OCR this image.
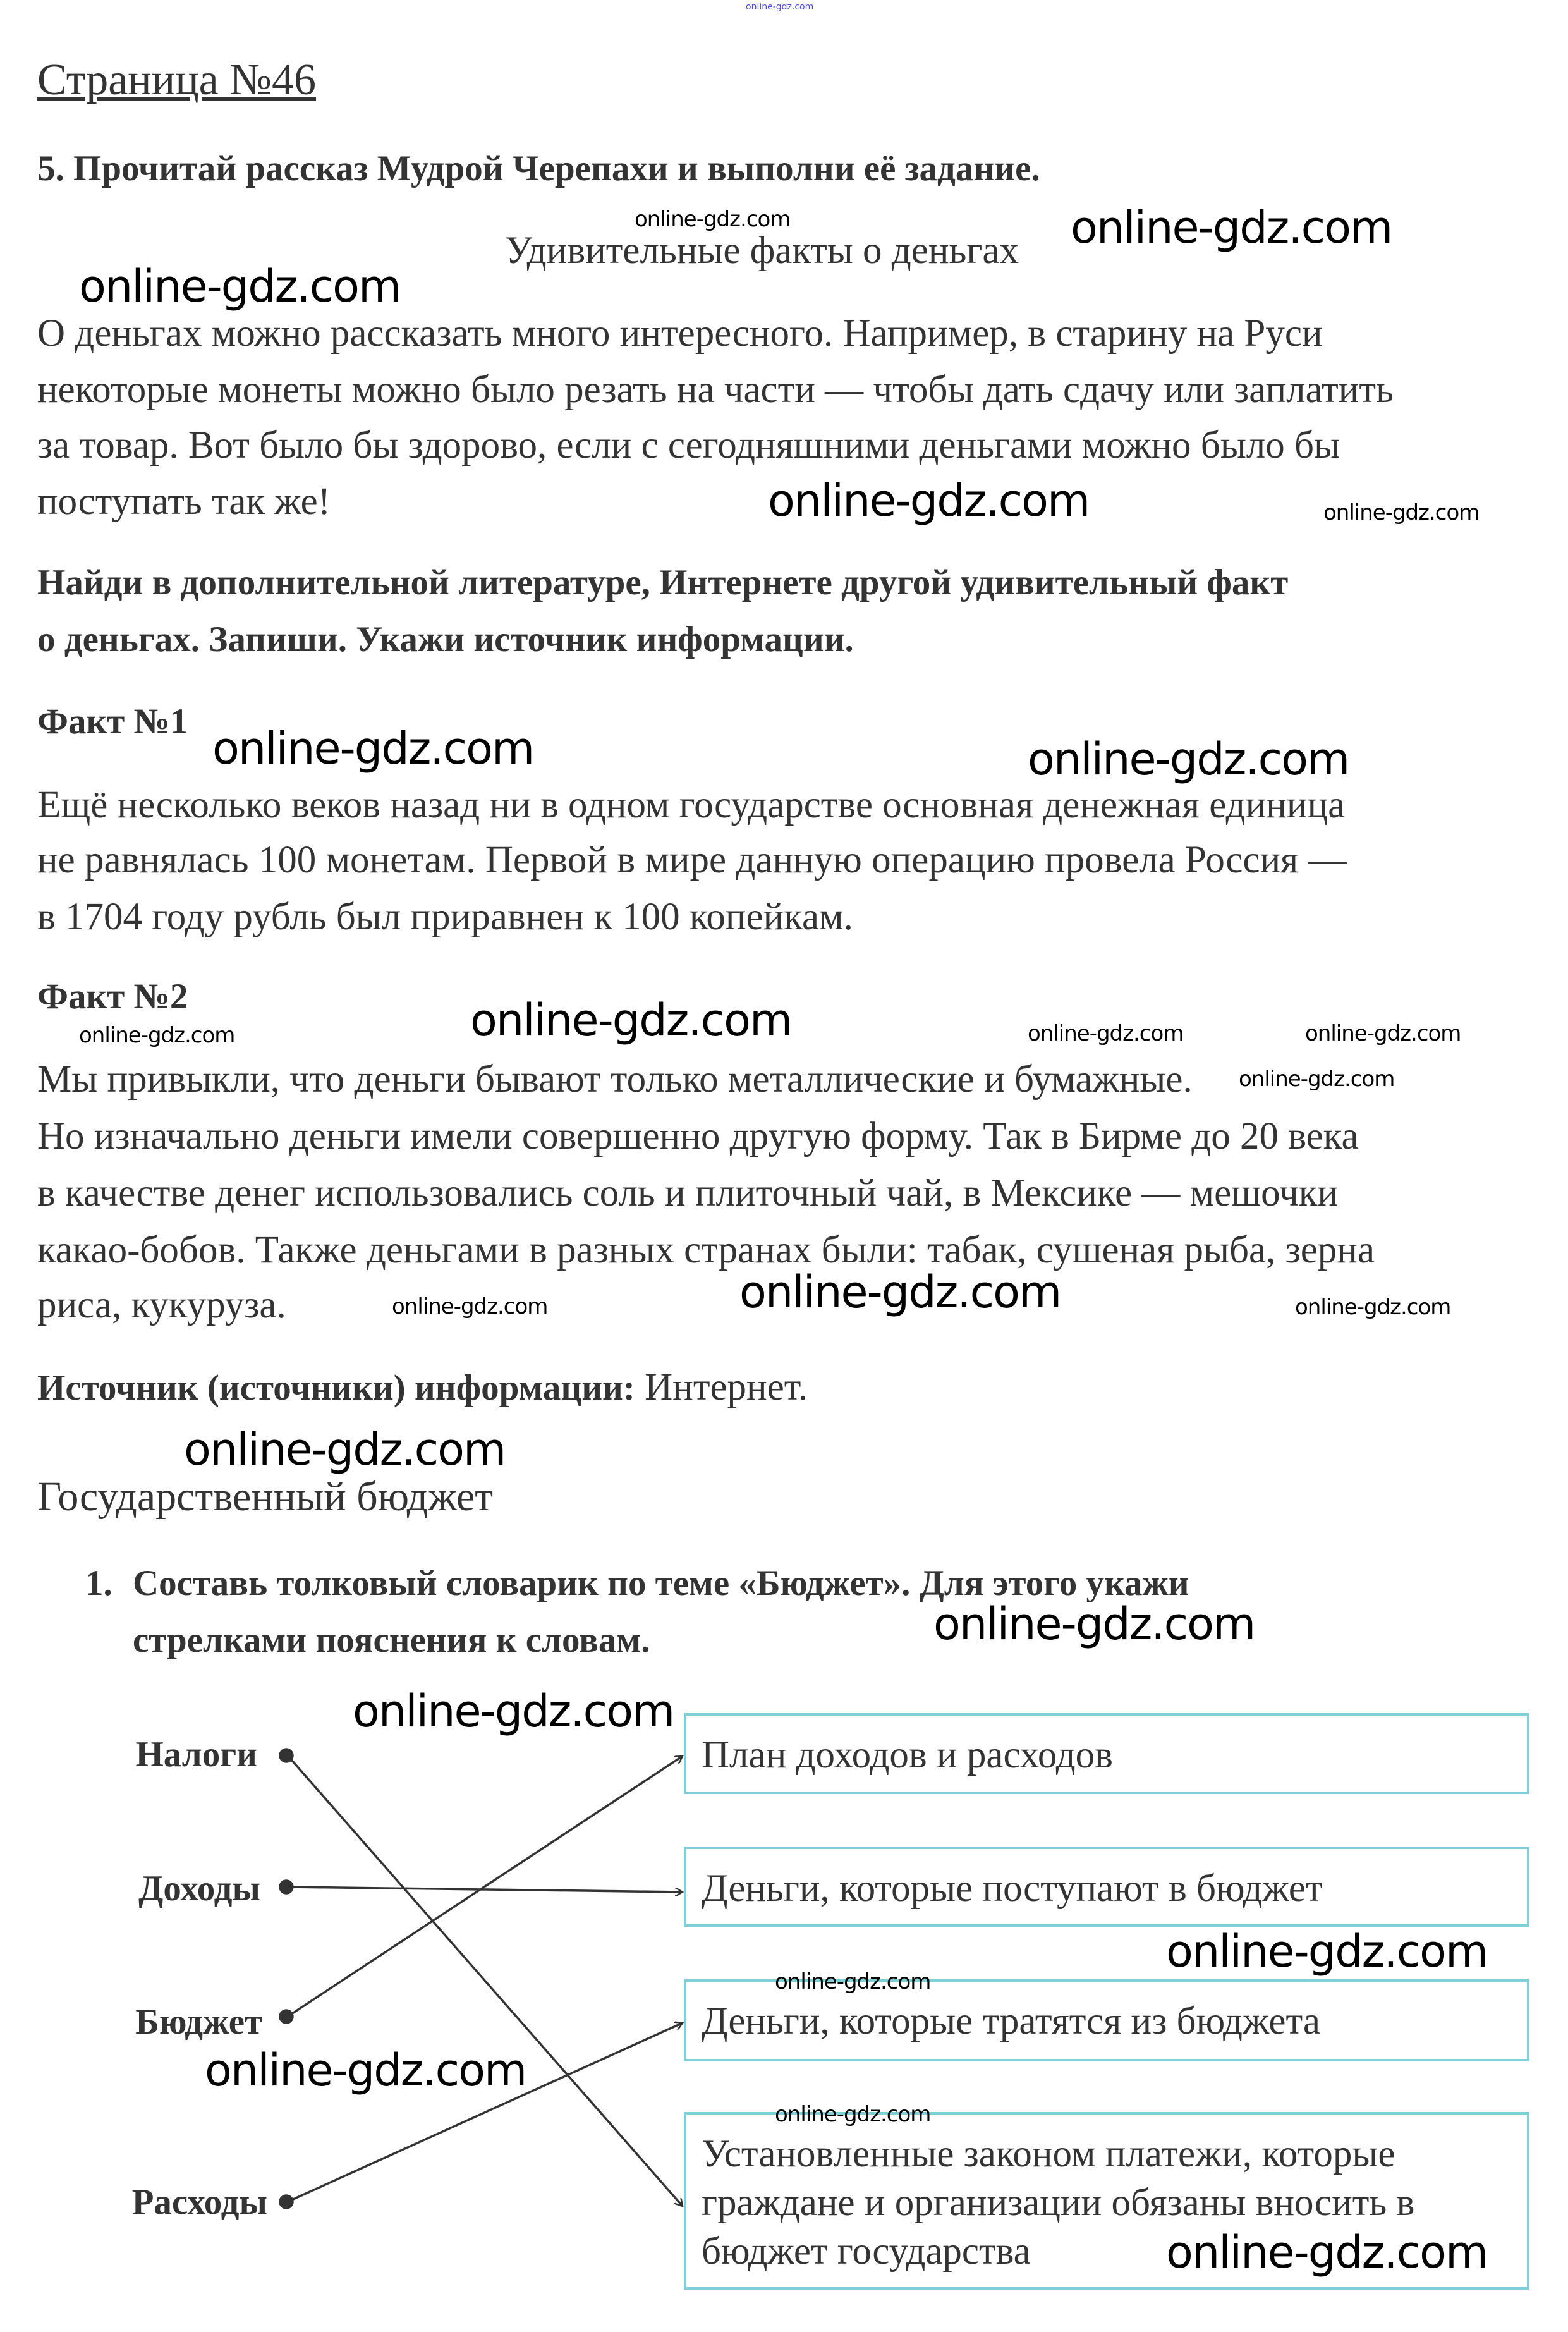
online-gdz.com
Страница №46
5. Прочитай рассказ Мудрой Черепахи и выполни её задание.
Удивительные факты о деньгах
О деньгах можно рассказать много интересного. Например, в старину на Руси
некоторые монеты можно было резать на части — чтобы дать сдачу или заплатить
за товар. Вот было бы здорово, если с сегодняшними деньгами можно было бы
поступать так же!
Найди в дополнительной литературе, Интернете другой удивительный факт
о деньгах. Запиши. Укажи источник информации.
Факт №1
Ещё несколько веков назад ни в одном государстве основная денежная единица
не равнялась 100 монетам. Первой в мире данную операцию провела Россия —
в 1704 году рубль был приравнен к 100 копейкам.
Факт №2
Мы привыкли, что деньги бывают только металлические и бумажные.
Но изначально деньги имели совершенно другую форму. Так в Бирме до 20 века
в качестве денег использовались соль и плиточный чай, в Мексике — мешочки
какао-бобов. Также деньгами в разных странах были: табак, сушеная рыба, зерна
риса, кукуруза.
Источник (источники) информации: Интернет.
Государственный бюджет
1. Составь толковый словарик по теме «Бюджет». Для этого укажи
стрелками пояснения к словам.
Налоги
Доходы
Бюджет
Расходы
План доходов и расходов
Деньги, которые поступают в бюджет
Деньги, которые тратятся из бюджета
Установленные законом платежи, которые граждане и организации обязаны вносить в бюджет государства
online-gdz.com	online-gdz.com
online-gdz.com
online-gdz.com	online-gdz.com
online-gdz.com	online-gdz.com
online-gdz.com	online-gdz.com	online-gdz.com	online-gdz.com
online-gdz.com
online-gdz.com
online-gdz.com	online-gdz.com
online-gdz.com
online-gdz.com
online-gdz.com
online-gdz.com
online-gdz.com
online-gdz.com
online-gdz.com
online-gdz.com
